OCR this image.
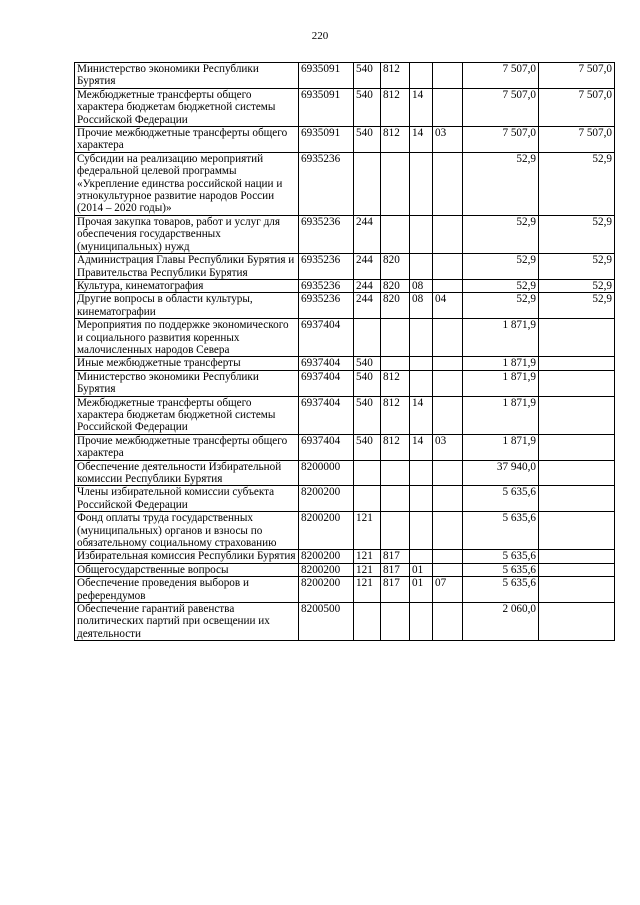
220
Министерство экономики Республики Бурятия	6935091	540	812			7 507,0	7 507,0
Межбюджетные трансферты общего характера бюджетам бюджетной системы Российской Федерации	6935091	540	812	14		7 507,0	7 507,0
Прочие межбюджетные трансферты общего характера	6935091	540	812	14	03	7 507,0	7 507,0
Субсидии на реализацию мероприятий федеральной целевой программы «Укрепление единства российской нации и этнокультурное развитие народов России (2014 – 2020 годы)»	6935236					52,9	52,9
Прочая закупка товаров, работ и услуг для обеспечения государственных (муниципальных) нужд	6935236	244				52,9	52,9
Администрация Главы Республики Бурятия и Правительства Республики Бурятия	6935236	244	820			52,9	52,9
Культура, кинематография	6935236	244	820	08		52,9	52,9
Другие вопросы в области культуры, кинематографии	6935236	244	820	08	04	52,9	52,9
Мероприятия по поддержке экономического и социального развития коренных малочисленных народов Севера	6937404					1 871,9	
Иные межбюджетные трансферты	6937404	540				1 871,9	
Министерство экономики Республики Бурятия	6937404	540	812			1 871,9	
Межбюджетные трансферты общего характера бюджетам бюджетной системы Российской Федерации	6937404	540	812	14		1 871,9	
Прочие межбюджетные трансферты общего характера	6937404	540	812	14	03	1 871,9	
Обеспечение деятельности Избирательной комиссии Республики Бурятия	8200000					37 940,0	
Члены избирательной комиссии субъекта Российской Федерации	8200200					5 635,6	
Фонд оплаты труда государственных (муниципальных) органов и взносы по обязательному социальному страхованию	8200200	121				5 635,6	
Избирательная комиссия Республики Бурятия	8200200	121	817			5 635,6	
Общегосударственные вопросы	8200200	121	817	01		5 635,6	
Обеспечение проведения выборов и референдумов	8200200	121	817	01	07	5 635,6	
Обеспечение гарантий равенства политических партий при освещении их деятельности	8200500					2 060,0	
